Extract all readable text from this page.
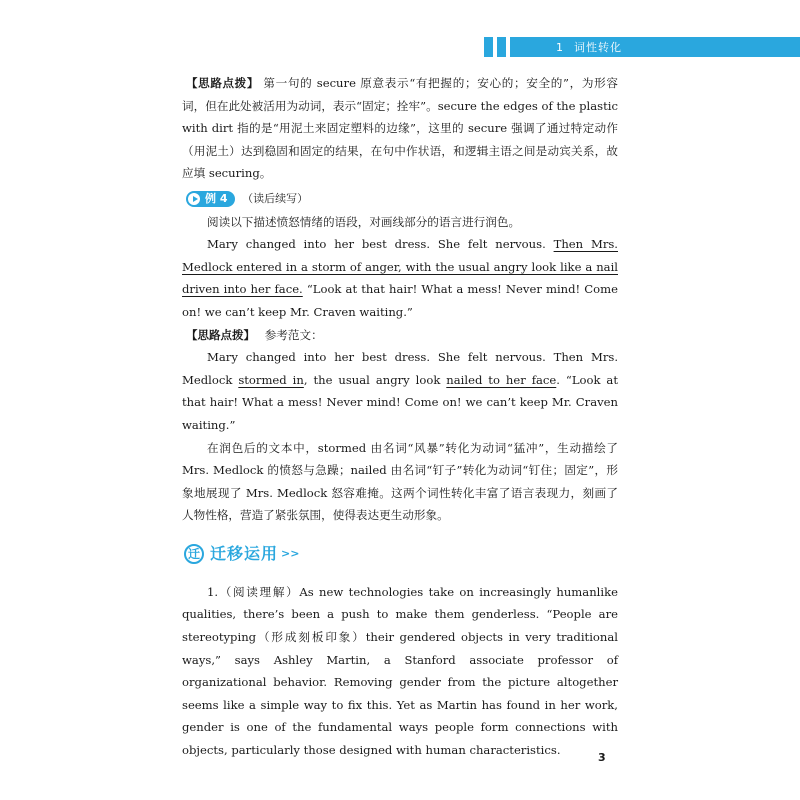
1 词性转化

【思路点拨】 第一句的 secure 原意表示“有把握的；安心的；安全的”，为形容词，但在此处被活用为动词，表示“固定；拴牢”。secure the edges of the plastic with dirt 指的是“用泥土来固定塑料的边缘”，这里的 secure 强调了通过特定动作（用泥土）达到稳固和固定的结果，在句中作状语，和逻辑主语之间是动宾关系，故应填 securing。

例 4 （读后续写）

阅读以下描述愤怒情绪的语段，对画线部分的语言进行润色。

Mary changed into her best dress. She felt nervous. Then Mrs. Medlock entered in a storm of anger, with the usual angry look like a nail driven into her face. “Look at that hair! What a mess! Never mind! Come on! we can’t keep Mr. Craven waiting.”

【思路点拨】 参考范文：

Mary changed into her best dress. She felt nervous. Then Mrs. Medlock stormed in, the usual angry look nailed to her face. “Look at that hair! What a mess! Never mind! Come on! we can’t keep Mr. Craven waiting.”

在润色后的文本中，stormed 由名词“风暴”转化为动词“猛冲”，生动描绘了 Mrs. Medlock 的愤怒与急躁；nailed 由名词“钉子”转化为动词“钉住；固定”，形象地展现了 Mrs. Medlock 怒容难掩。这两个词性转化丰富了语言表现力，刻画了人物性格，营造了紧张氛围，使得表达更生动形象。

迁 迁移运用 >>

1.（阅读理解）As new technologies take on increasingly humanlike qualities, there’s been a push to make them genderless. “People are stereotyping（形成刻板印象）their gendered objects in very traditional ways,” says Ashley Martin, a Stanford associate professor of organizational behavior. Removing gender from the picture altogether seems like a simple way to fix this. Yet as Martin has found in her work, gender is one of the fundamental ways people form connections with objects, particularly those designed with human characteristics.

3
